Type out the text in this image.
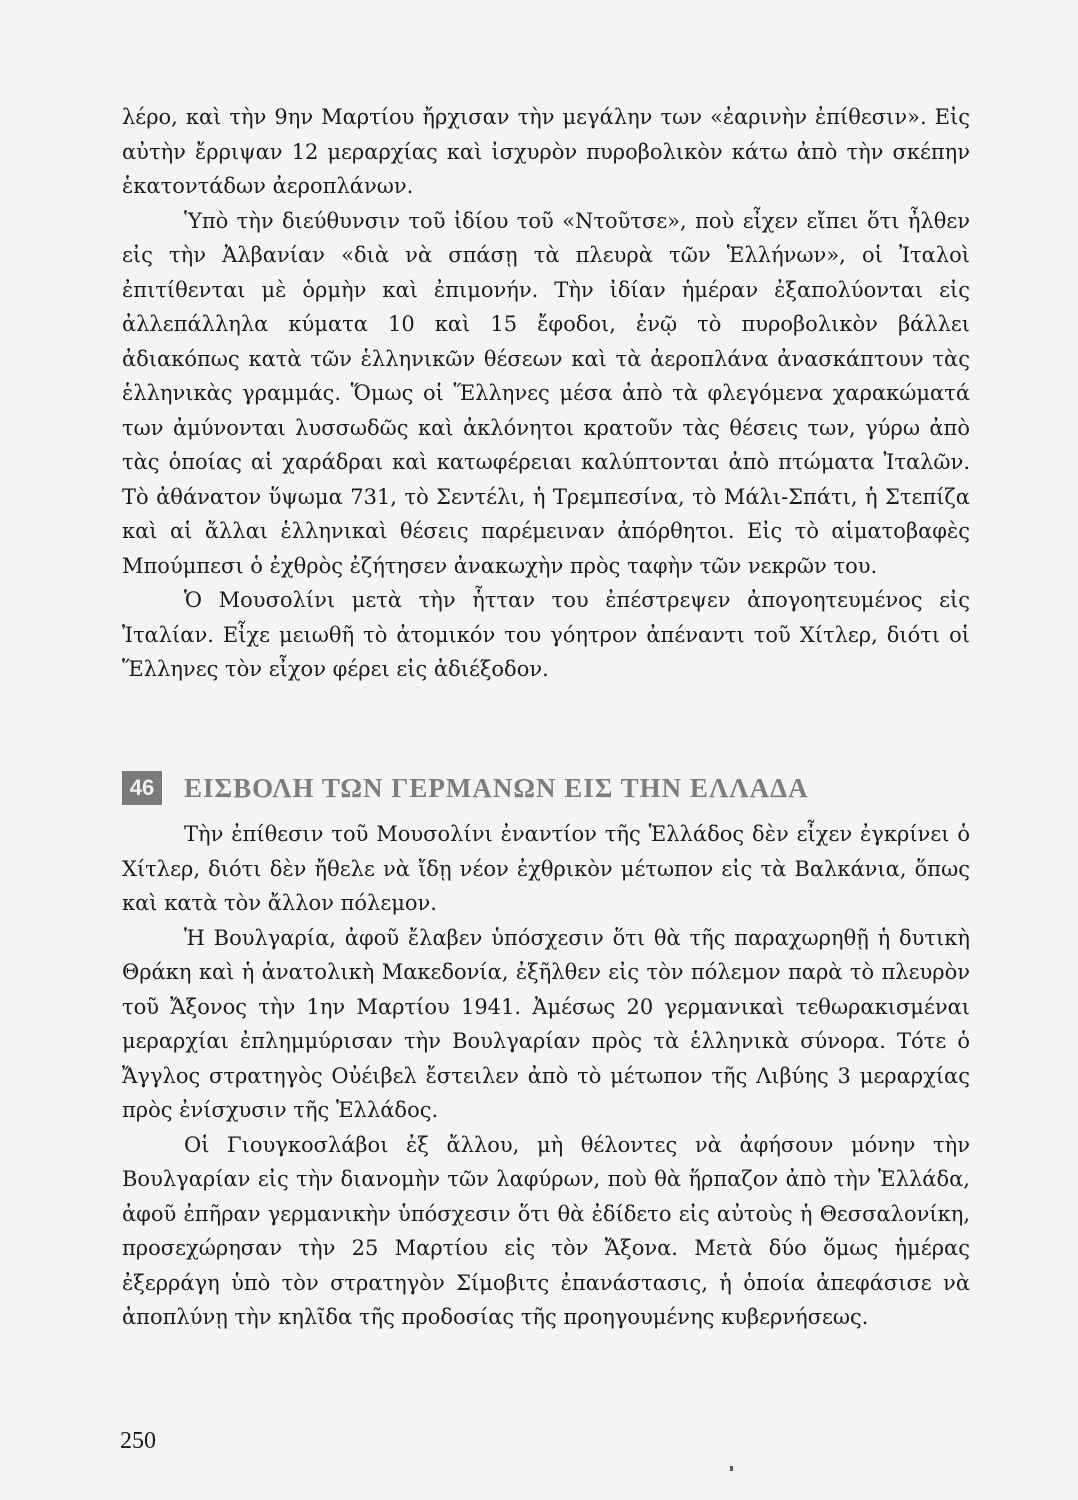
λέρο, καὶ τὴν 9ην Μαρτίου ἤρχισαν τὴν μεγάλην των «ἐαρινὴν ἐπίθεσιν». Εἰς αὐτὴν ἔρριψαν 12 μεραρχίας καὶ ἰσχυρὸν πυροβολικὸν κάτω ἀπὸ τὴν σκέπην ἑκατοντάδων ἀεροπλάνων.

Ὑπὸ τὴν διεύθυνσιν τοῦ ἰδίου τοῦ «Ντοῦτσε», ποὺ εἶχεν εἴπει ὅτι ἦλθεν εἰς τὴν Ἀλβανίαν «διὰ νὰ σπάσῃ τὰ πλευρὰ τῶν Ἑλλήνων», οἱ Ἰταλοὶ ἐπιτίθενται μὲ ὁρμὴν καὶ ἐπιμονήν. Τὴν ἰδίαν ἡμέραν ἐξαπολύονται εἰς ἀλλεπάλληλα κύματα 10 καὶ 15 ἔφοδοι, ἐνῷ τὸ πυροβολικὸν βάλλει ἀδιακόπως κατὰ τῶν ἑλληνικῶν θέσεων καὶ τὰ ἀεροπλάνα ἀνασκάπτουν τὰς ἑλληνικὰς γραμμάς. Ὅμως οἱ Ἕλληνες μέσα ἀπὸ τὰ φλεγόμενα χαρακώματά των ἀμύνονται λυσσωδῶς καὶ ἀκλόνητοι κρατοῦν τὰς θέσεις των, γύρω ἀπὸ τὰς ὁποίας αἱ χαράδραι καὶ κατωφέρειαι καλύπτονται ἀπὸ πτώματα Ἰταλῶν. Τὸ ἀθάνατον ὕψωμα 731, τὸ Σεντέλι, ἡ Τρεμπεσίνα, τὸ Μάλι-Σπάτι, ἡ Στεπίζα καὶ αἱ ἄλλαι ἑλληνικαὶ θέσεις παρέμειναν ἀπόρθητοι. Εἰς τὸ αἱματοβαφὲς Μπούμπεσι ὁ ἐχθρὸς ἐζήτησεν ἀνακωχὴν πρὸς ταφὴν τῶν νεκρῶν του.

Ὁ Μουσολίνι μετὰ τὴν ἧτταν του ἐπέστρεψεν ἀπογοητευμένος εἰς Ἰταλίαν. Εἶχε μειωθῆ τὸ ἀτομικόν του γόητρον ἀπέναντι τοῦ Χίτλερ, διότι οἱ Ἕλληνες τὸν εἶχον φέρει εἰς ἀδιέξοδον.

46 ΕΙΣΒΟΛΗ ΤΩΝ ΓΕΡΜΑΝΩΝ ΕΙΣ ΤΗΝ ΕΛΛΑΔΑ

Τὴν ἐπίθεσιν τοῦ Μουσολίνι ἐναντίον τῆς Ἑλλάδος δὲν εἶχεν ἐγκρίνει ὁ Χίτλερ, διότι δὲν ἤθελε νὰ ἴδῃ νέον ἐχθρικὸν μέτωπον εἰς τὰ Βαλκάνια, ὅπως καὶ κατὰ τὸν ἄλλον πόλεμον.

Ἡ Βουλγαρία, ἀφοῦ ἔλαβεν ὑπόσχεσιν ὅτι θὰ τῆς παραχωρηθῇ ἡ δυτικὴ Θράκη καὶ ἡ ἀνατολικὴ Μακεδονία, ἐξῆλθεν εἰς τὸν πόλεμον παρὰ τὸ πλευρὸν τοῦ Ἄξονος τὴν 1ην Μαρτίου 1941. Ἀμέσως 20 γερμανικαὶ τεθωρακισμέναι μεραρχίαι ἐπλημμύρισαν τὴν Βουλγαρίαν πρὸς τὰ ἑλληνικὰ σύνορα. Τότε ὁ Ἄγγλος στρατηγὸς Οὐέιβελ ἔστειλεν ἀπὸ τὸ μέτωπον τῆς Λιβύης 3 μεραρχίας πρὸς ἐνίσχυσιν τῆς Ἑλλάδος.

Οἱ Γιουγκοσλάβοι ἐξ ἄλλου, μὴ θέλοντες νὰ ἀφήσουν μόνην τὴν Βουλγαρίαν εἰς τὴν διανομὴν τῶν λαφύρων, ποὺ θὰ ἥρπαζον ἀπὸ τὴν Ἑλλάδα, ἀφοῦ ἐπῆραν γερμανικὴν ὑπόσχεσιν ὅτι θὰ ἐδίδετο εἰς αὐτοὺς ἡ Θεσσαλονίκη, προσεχώρησαν τὴν 25 Μαρτίου εἰς τὸν Ἄξονα. Μετὰ δύο ὅμως ἡμέρας ἐξερράγη ὑπὸ τὸν στρατηγὸν Σίμοβιτς ἐπανάστασις, ἡ ὁποία ἀπεφάσισε νὰ ἀποπλύνῃ τὴν κηλῖδα τῆς προδοσίας τῆς προηγουμένης κυβερνήσεως.

250
